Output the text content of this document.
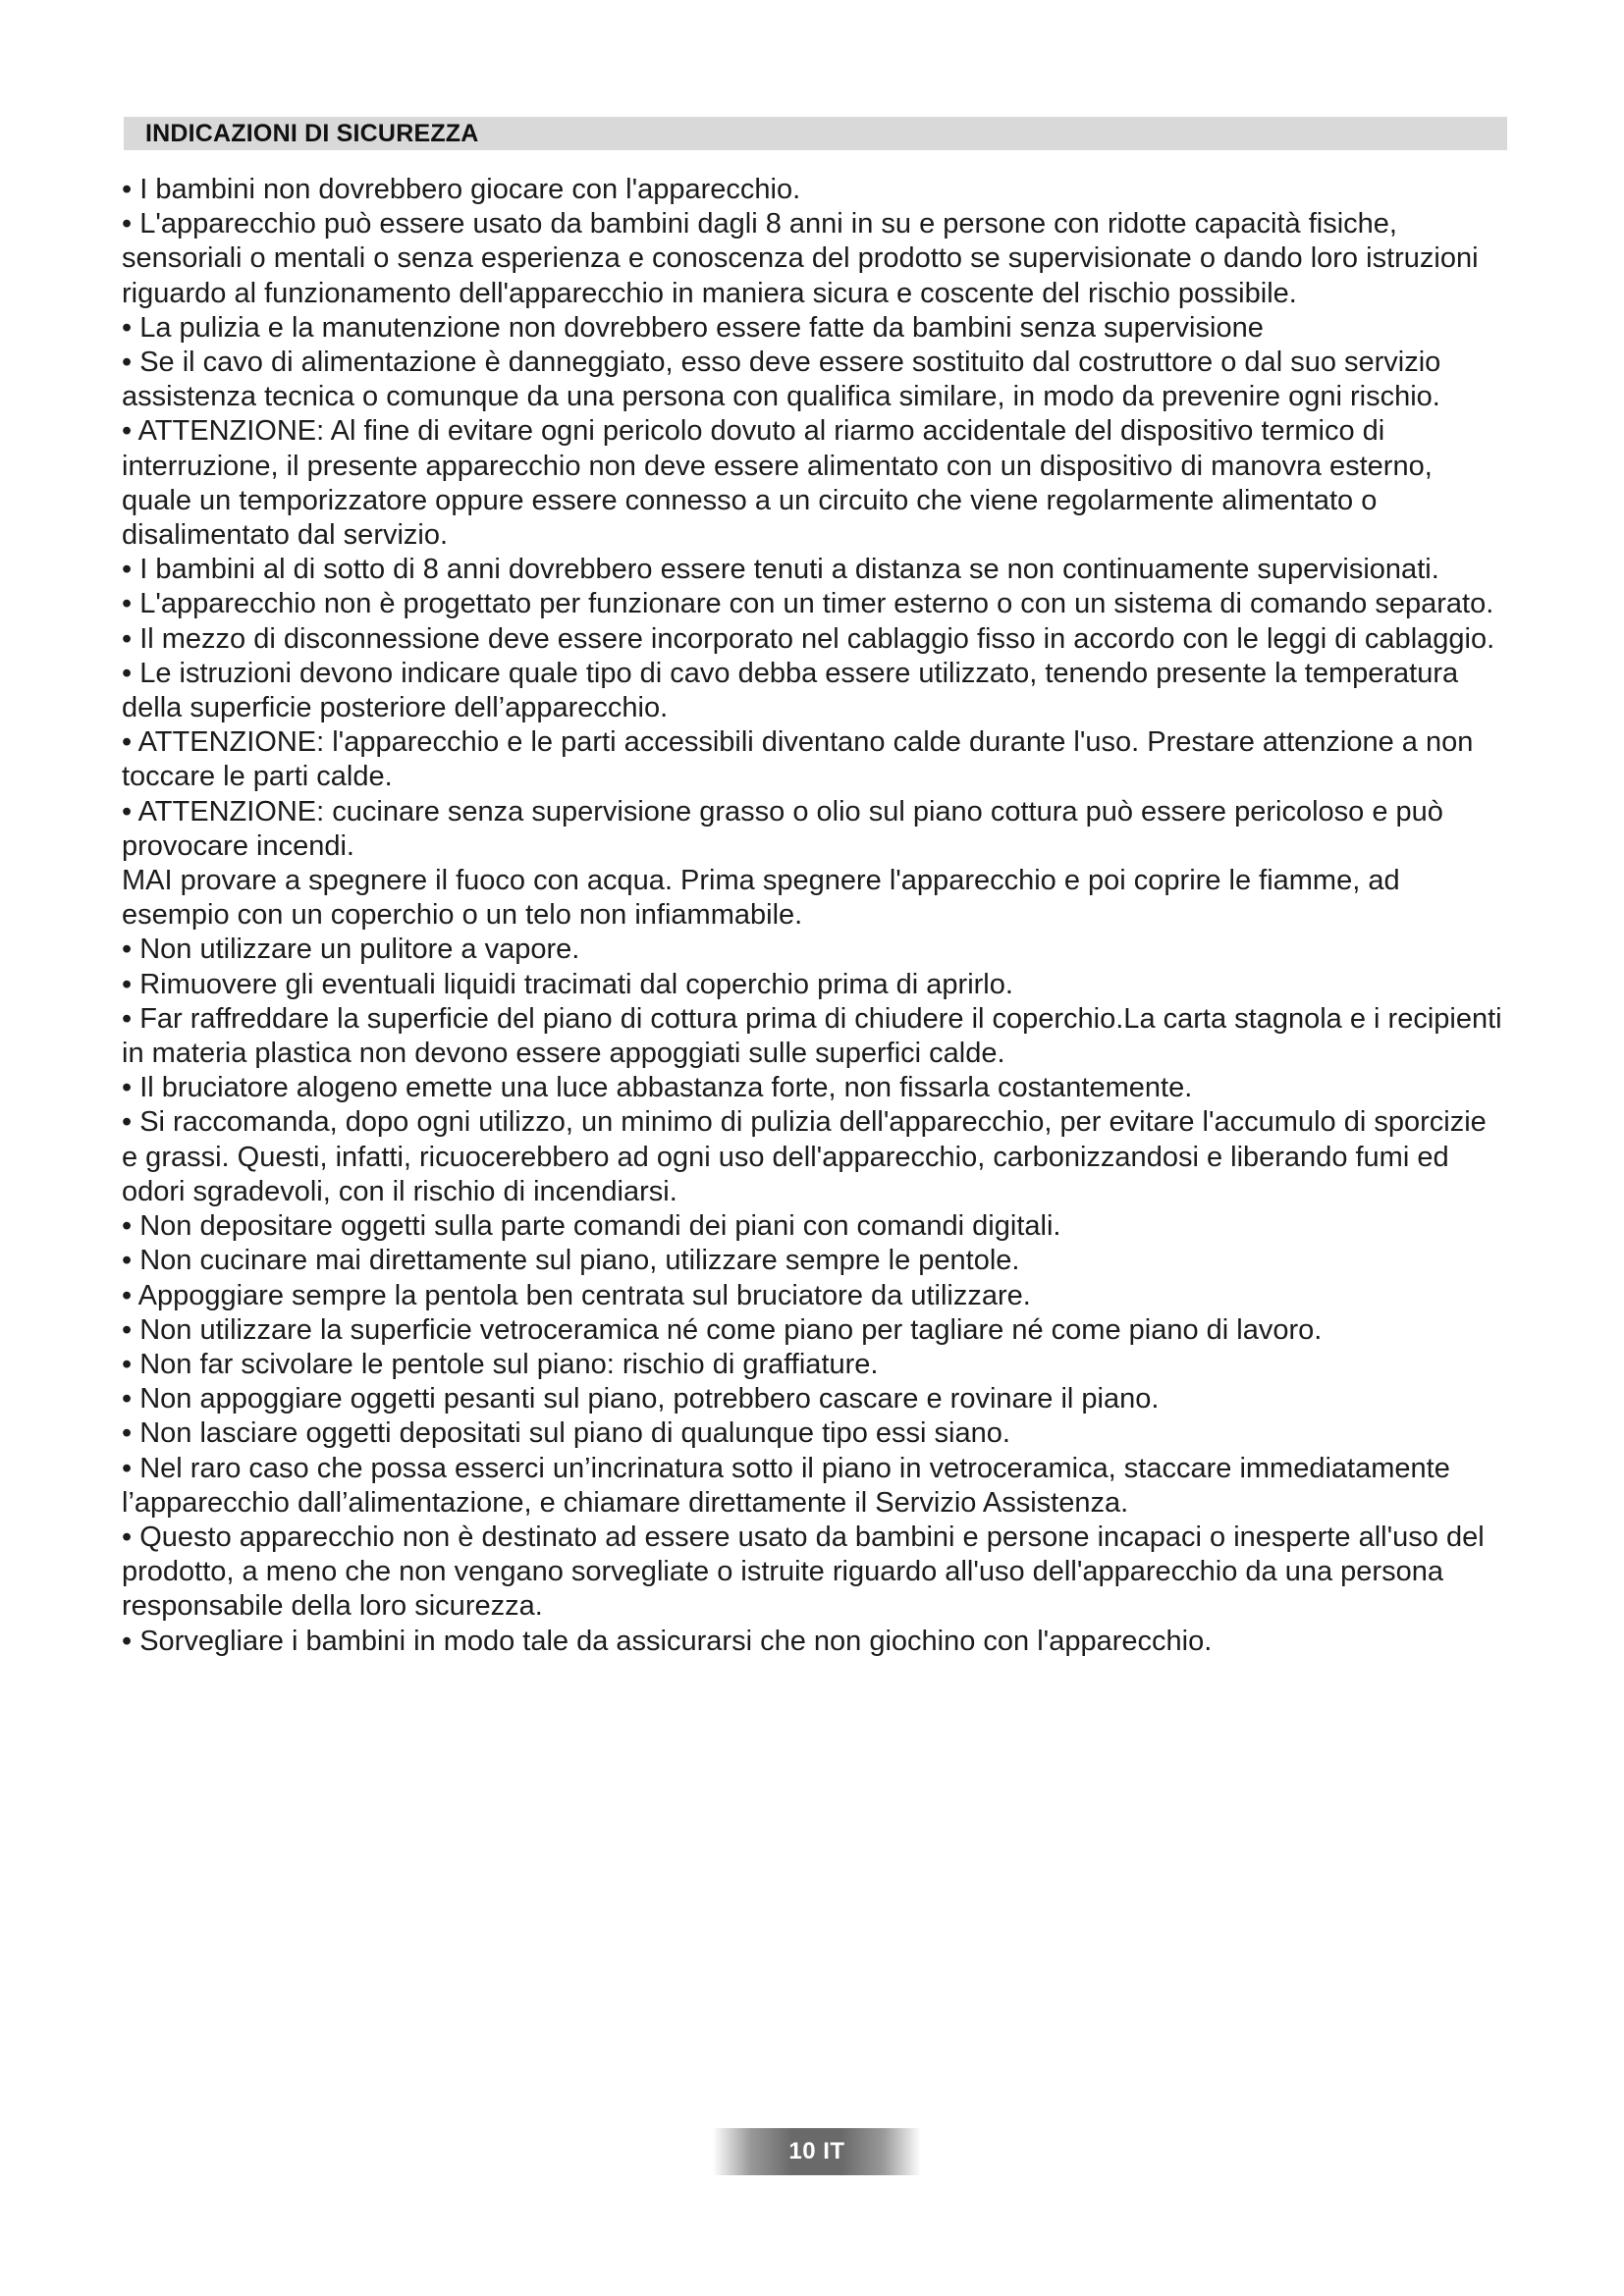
INDICAZIONI DI SICUREZZA

• I bambini non dovrebbero giocare con l'apparecchio.

• L'apparecchio può essere usato da bambini dagli 8 anni in su e persone con ridotte capacità fisiche, sensoriali o mentali o senza esperienza e conoscenza del prodotto se supervisionate o dando loro istruzioni riguardo al funzionamento dell'apparecchio in maniera sicura e coscente del rischio possibile.

• La pulizia e la manutenzione non dovrebbero essere fatte da bambini senza supervisione

• Se il cavo di alimentazione è danneggiato, esso deve essere sostituito dal costruttore o dal suo servizio assistenza tecnica o comunque da una persona con qualifica similare, in modo da prevenire ogni rischio.

• ATTENZIONE: Al fine di evitare ogni pericolo dovuto al riarmo accidentale del dispositivo termico di interruzione, il presente apparecchio non deve essere alimentato con un dispositivo di manovra esterno, quale un temporizzatore oppure essere connesso a un circuito che viene regolarmente alimentato o disalimentato dal servizio.

• I bambini al di sotto di 8 anni dovrebbero essere tenuti a distanza se non continuamente supervisionati.

• L'apparecchio non è progettato per funzionare con un timer esterno o con un sistema di comando separato.

• Il mezzo di disconnessione deve essere incorporato nel cablaggio fisso in accordo con le leggi di cablaggio.

• Le istruzioni devono indicare quale tipo di cavo debba essere utilizzato, tenendo presente la temperatura della superficie posteriore dell’apparecchio.

• ATTENZIONE: l'apparecchio e le parti accessibili diventano calde durante l'uso. Prestare attenzione a non toccare le parti calde.

• ATTENZIONE: cucinare senza supervisione grasso o olio sul piano cottura può essere pericoloso e può provocare incendi.

MAI provare a spegnere il fuoco con acqua. Prima spegnere l'apparecchio e poi coprire le fiamme, ad esempio con un coperchio o un telo non infiammabile.

• Non utilizzare un pulitore a vapore.

• Rimuovere gli eventuali liquidi tracimati dal coperchio prima di aprirlo.

• Far raffreddare la superficie del piano di cottura prima di chiudere il coperchio.La carta stagnola e i recipienti in materia plastica non devono essere appoggiati sulle superfici calde.

• Il bruciatore alogeno emette una luce abbastanza forte, non fissarla costantemente.

• Si raccomanda, dopo ogni utilizzo, un minimo di pulizia dell'apparecchio, per evitare l'accumulo di sporcizie e grassi. Questi, infatti, ricuocerebbero ad ogni uso dell'apparecchio, carbonizzandosi e liberando fumi ed odori sgradevoli, con il rischio di incendiarsi.

• Non depositare oggetti sulla parte comandi dei piani con comandi digitali.

• Non cucinare mai direttamente sul piano, utilizzare sempre le pentole.

• Appoggiare sempre la pentola ben centrata sul bruciatore da utilizzare.

• Non utilizzare la superficie vetroceramica né come piano per tagliare né come piano di lavoro.

• Non far scivolare le pentole sul piano: rischio di graffiature.

• Non appoggiare oggetti pesanti sul piano, potrebbero cascare e rovinare il piano.

• Non lasciare oggetti depositati sul piano di qualunque tipo essi siano.

• Nel raro caso che possa esserci un’incrinatura sotto il piano in vetroceramica, staccare immediatamente l’apparecchio dall’alimentazione, e chiamare direttamente il Servizio Assistenza.

• Questo apparecchio non è destinato ad essere usato da bambini e persone incapaci o inesperte all'uso del prodotto, a meno che non vengano sorvegliate o istruite riguardo all'uso dell'apparecchio da una persona responsabile della loro sicurezza.

• Sorvegliare i bambini in modo tale da assicurarsi che non giochino con l'apparecchio.

10 IT
